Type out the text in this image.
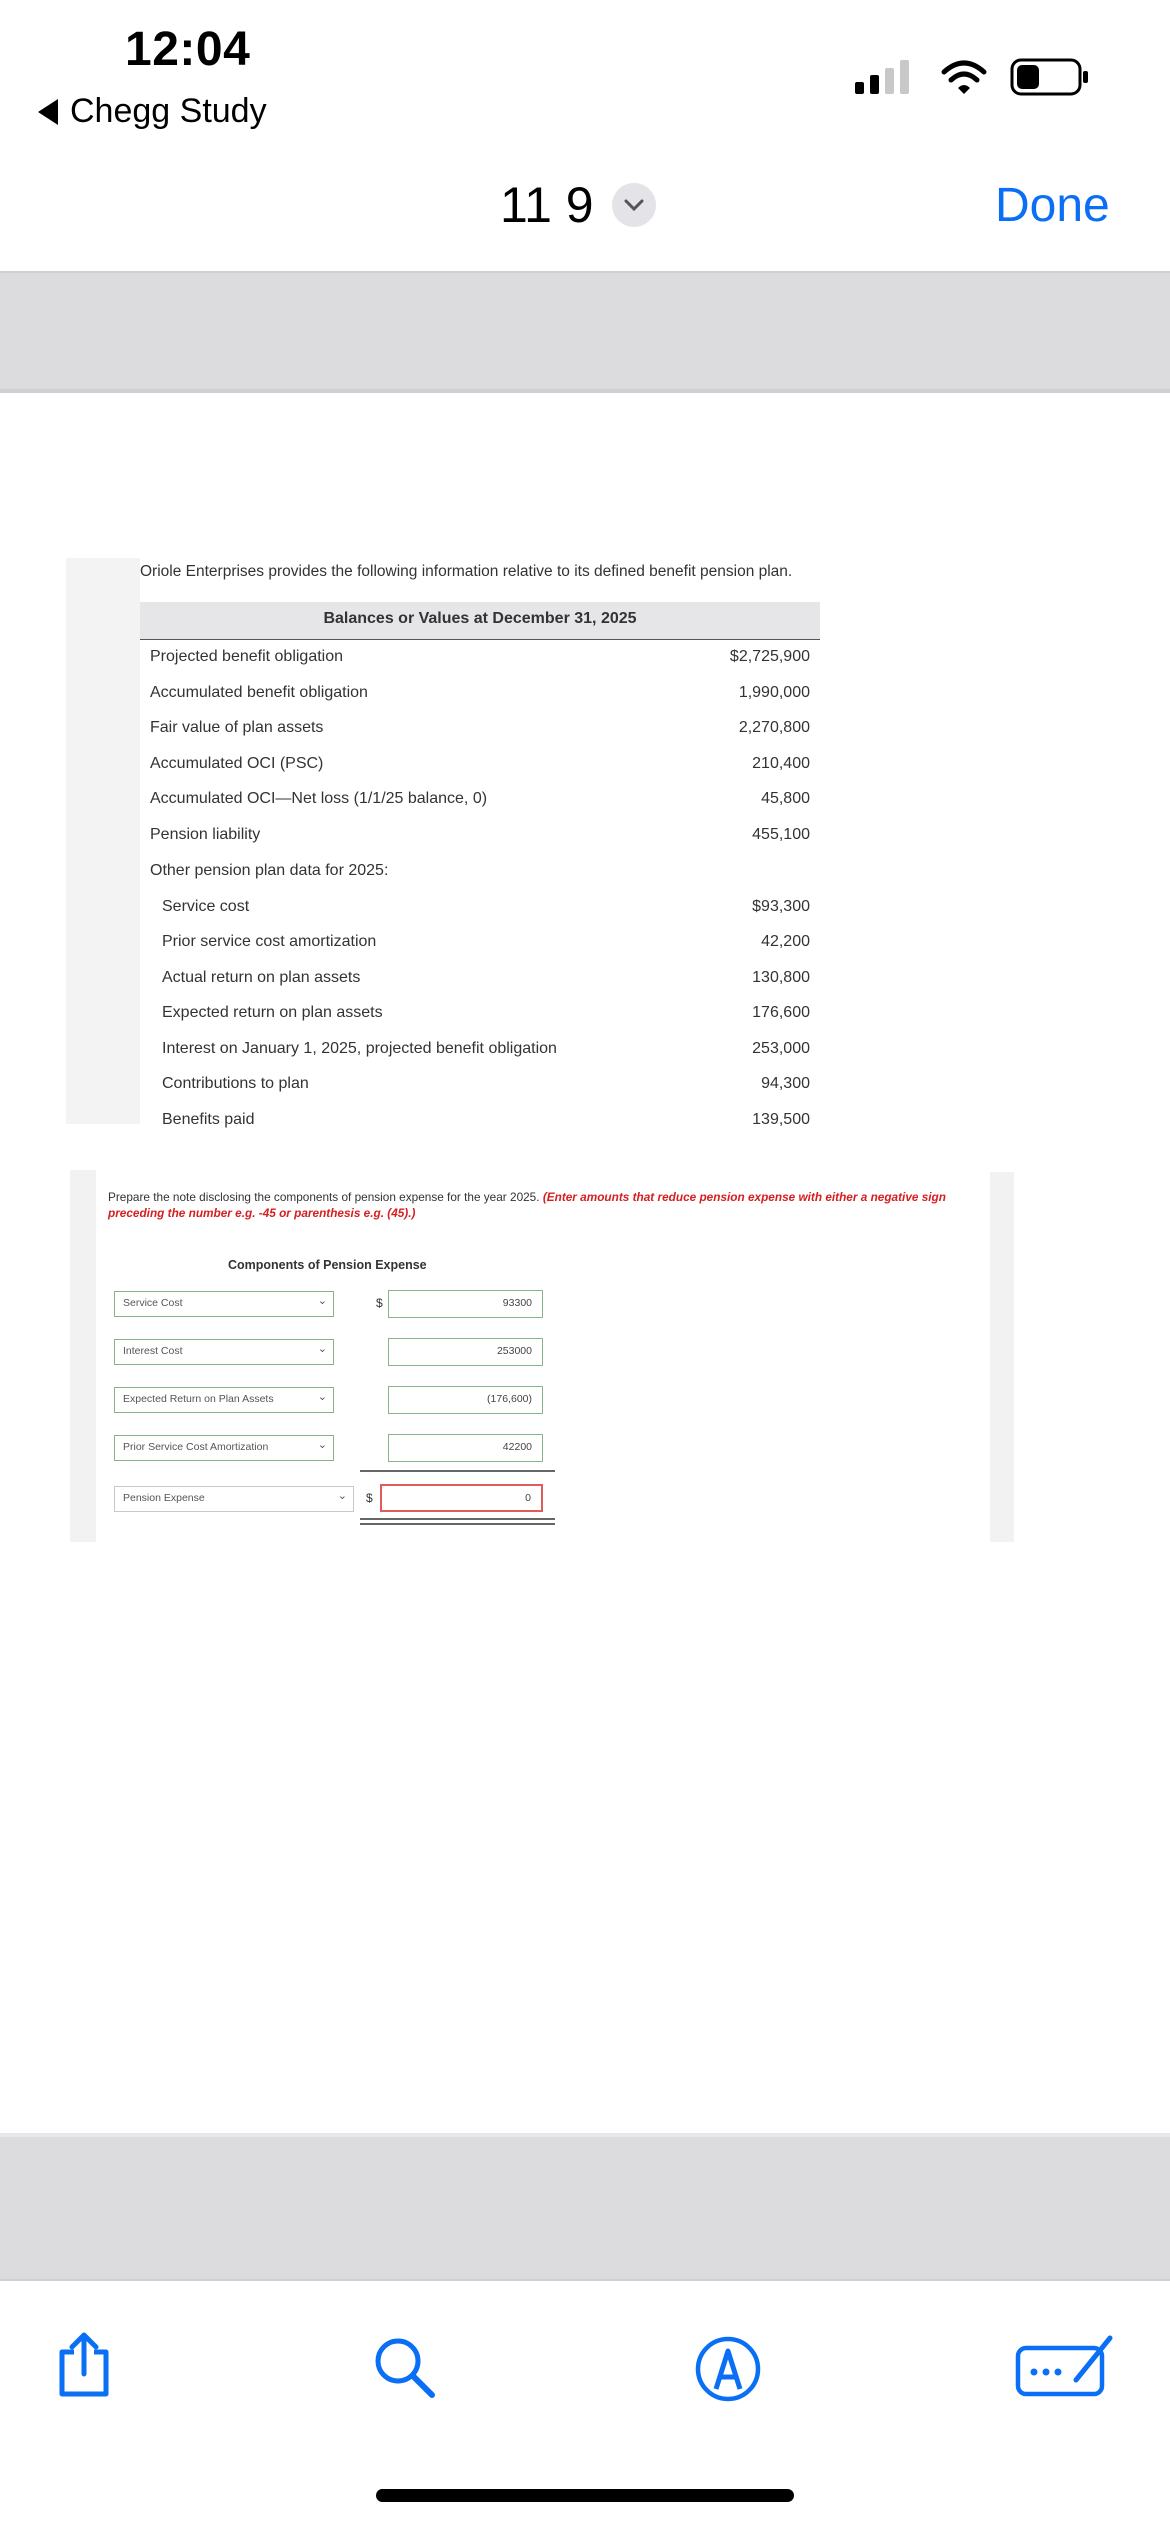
12:04
Chegg Study
11 9	Done
Oriole Enterprises provides the following information relative to its defined benefit pension plan.
Balances or Values at December 31, 2025
Projected benefit obligation	$2,725,900
Accumulated benefit obligation	1,990,000
Fair value of plan assets	2,270,800
Accumulated OCI (PSC)	210,400
Accumulated OCI—Net loss (1/1/25 balance, 0)	45,800
Pension liability	455,100
Other pension plan data for 2025:
Service cost	$93,300
Prior service cost amortization	42,200
Actual return on plan assets	130,800
Expected return on plan assets	176,600
Interest on January 1, 2025, projected benefit obligation	253,000
Contributions to plan	94,300
Benefits paid	139,500
Prepare the note disclosing the components of pension expense for the year 2025. (Enter amounts that reduce pension expense with either a negative sign preceding the number e.g. -45 or parenthesis e.g. (45).)
Components of Pension Expense
Service Cost	⌄	$	93300
Interest Cost	⌄	253000
Expected Return on Plan Assets	⌄	(176,600)
Prior Service Cost Amortization	⌄	42200
Pension Expense	⌄ $	0
